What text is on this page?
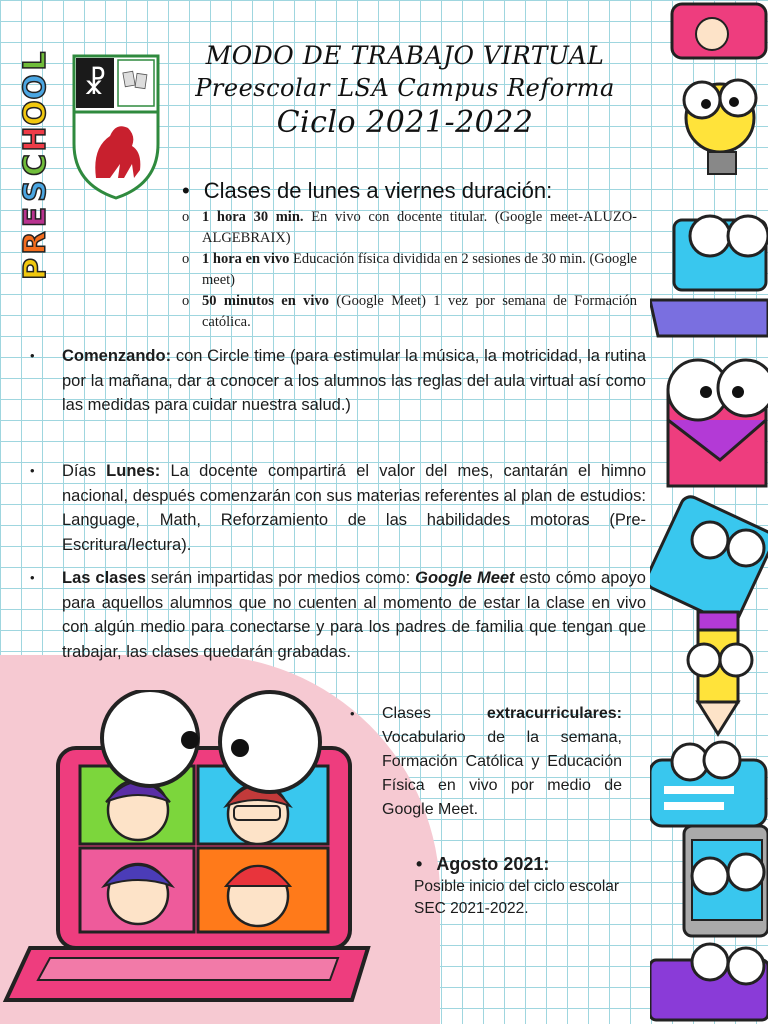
P
R
E
S
C
H
O
O
L
☧

MODO DE TRABAJO VIRTUAL

Preescolar LSA Campus Reforma

Ciclo 2021-2022

• Clases de lunes a viernes duración:
o 1 hora 30 min. En vivo con docente titular. (Google meet-ALUZO-ALGEBRAIX)
o 1 hora en vivo Educación física dividida en 2 sesiones de 30 min. (Google meet)
o 50 minutos en vivo (Google Meet) 1 vez por semana de Formación católica.
•	Comenzando: con Circle time (para estimular la música, la motricidad, la rutina por la mañana, dar a conocer a los alumnos las reglas del aula virtual así como las medidas para cuidar nuestra salud.)
•	Días Lunes: La docente compartirá el valor del mes, cantarán el himno nacional, después comenzarán con sus materias referentes al plan de estudios: Language, Math, Reforzamiento de las habilidades motoras (Pre-Escritura/lectura).
•	Las clases serán impartidas por medios como: Google Meet esto cómo apoyo para aquellos alumnos que no cuenten al momento de estar la clase en vivo con algún medio para conectarse y para los padres de familia que tengan que trabajar, las clases quedarán grabadas.
•	Clases extracurriculares: Vocabulario de la semana, Formación Católica y Educación Física en vivo por medio de Google Meet.
• Agosto 2021:
Posible inicio del ciclo escolar SEC 2021-2022.
